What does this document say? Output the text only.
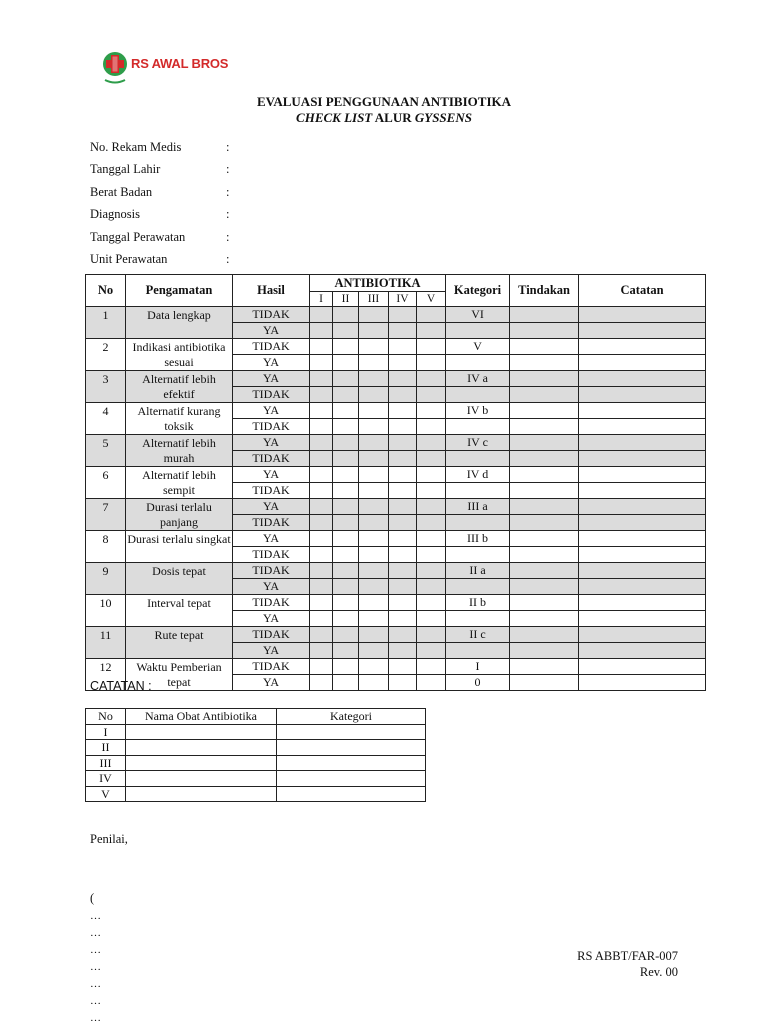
RS AWAL BROS
EVALUASI PENGGUNAAN ANTIBIOTIKA
CHECK LIST ALUR GYSSENS
No. Rekam Medis	:
Tanggal Lahir	:
Berat Badan	:
Diagnosis	:
Tanggal Perawatan	:
Unit Perawatan	:
No	Pengamatan	Hasil	ANTIBIOTIKA					Kategori	Tindakan	Catatan
			I	II	III	IV	V			
1	Data lengkap	TIDAK						VI		
		YA								
2	Indikasi antibiotika sesuai	TIDAK						V		
		YA								
3	Alternatif lebih efektif	YA						IV a		
		TIDAK								
4	Alternatif kurang toksik	YA						IV b		
		TIDAK								
5	Alternatif lebih murah	YA						IV c		
		TIDAK								
6	Alternatif lebih sempit	YA						IV d		
		TIDAK								
7	Durasi terlalu panjang	YA						III a		
		TIDAK								
8	Durasi terlalu singkat	YA						III b		
		TIDAK								
9	Dosis tepat	TIDAK						II a		
		YA								
10	Interval tepat	TIDAK						II b		
		YA								
11	Rute tepat	TIDAK						II c		
		YA								
12	Waktu Pemberian tepat	TIDAK						I		
		YA						0		
CATATAN :
No	Nama Obat Antibiotika	Kategori
I		
II		
III		
IV		
V		
Penilai,
(
…
…
…
…
…
…
…
RS ABBT/FAR-007
Rev. 00
